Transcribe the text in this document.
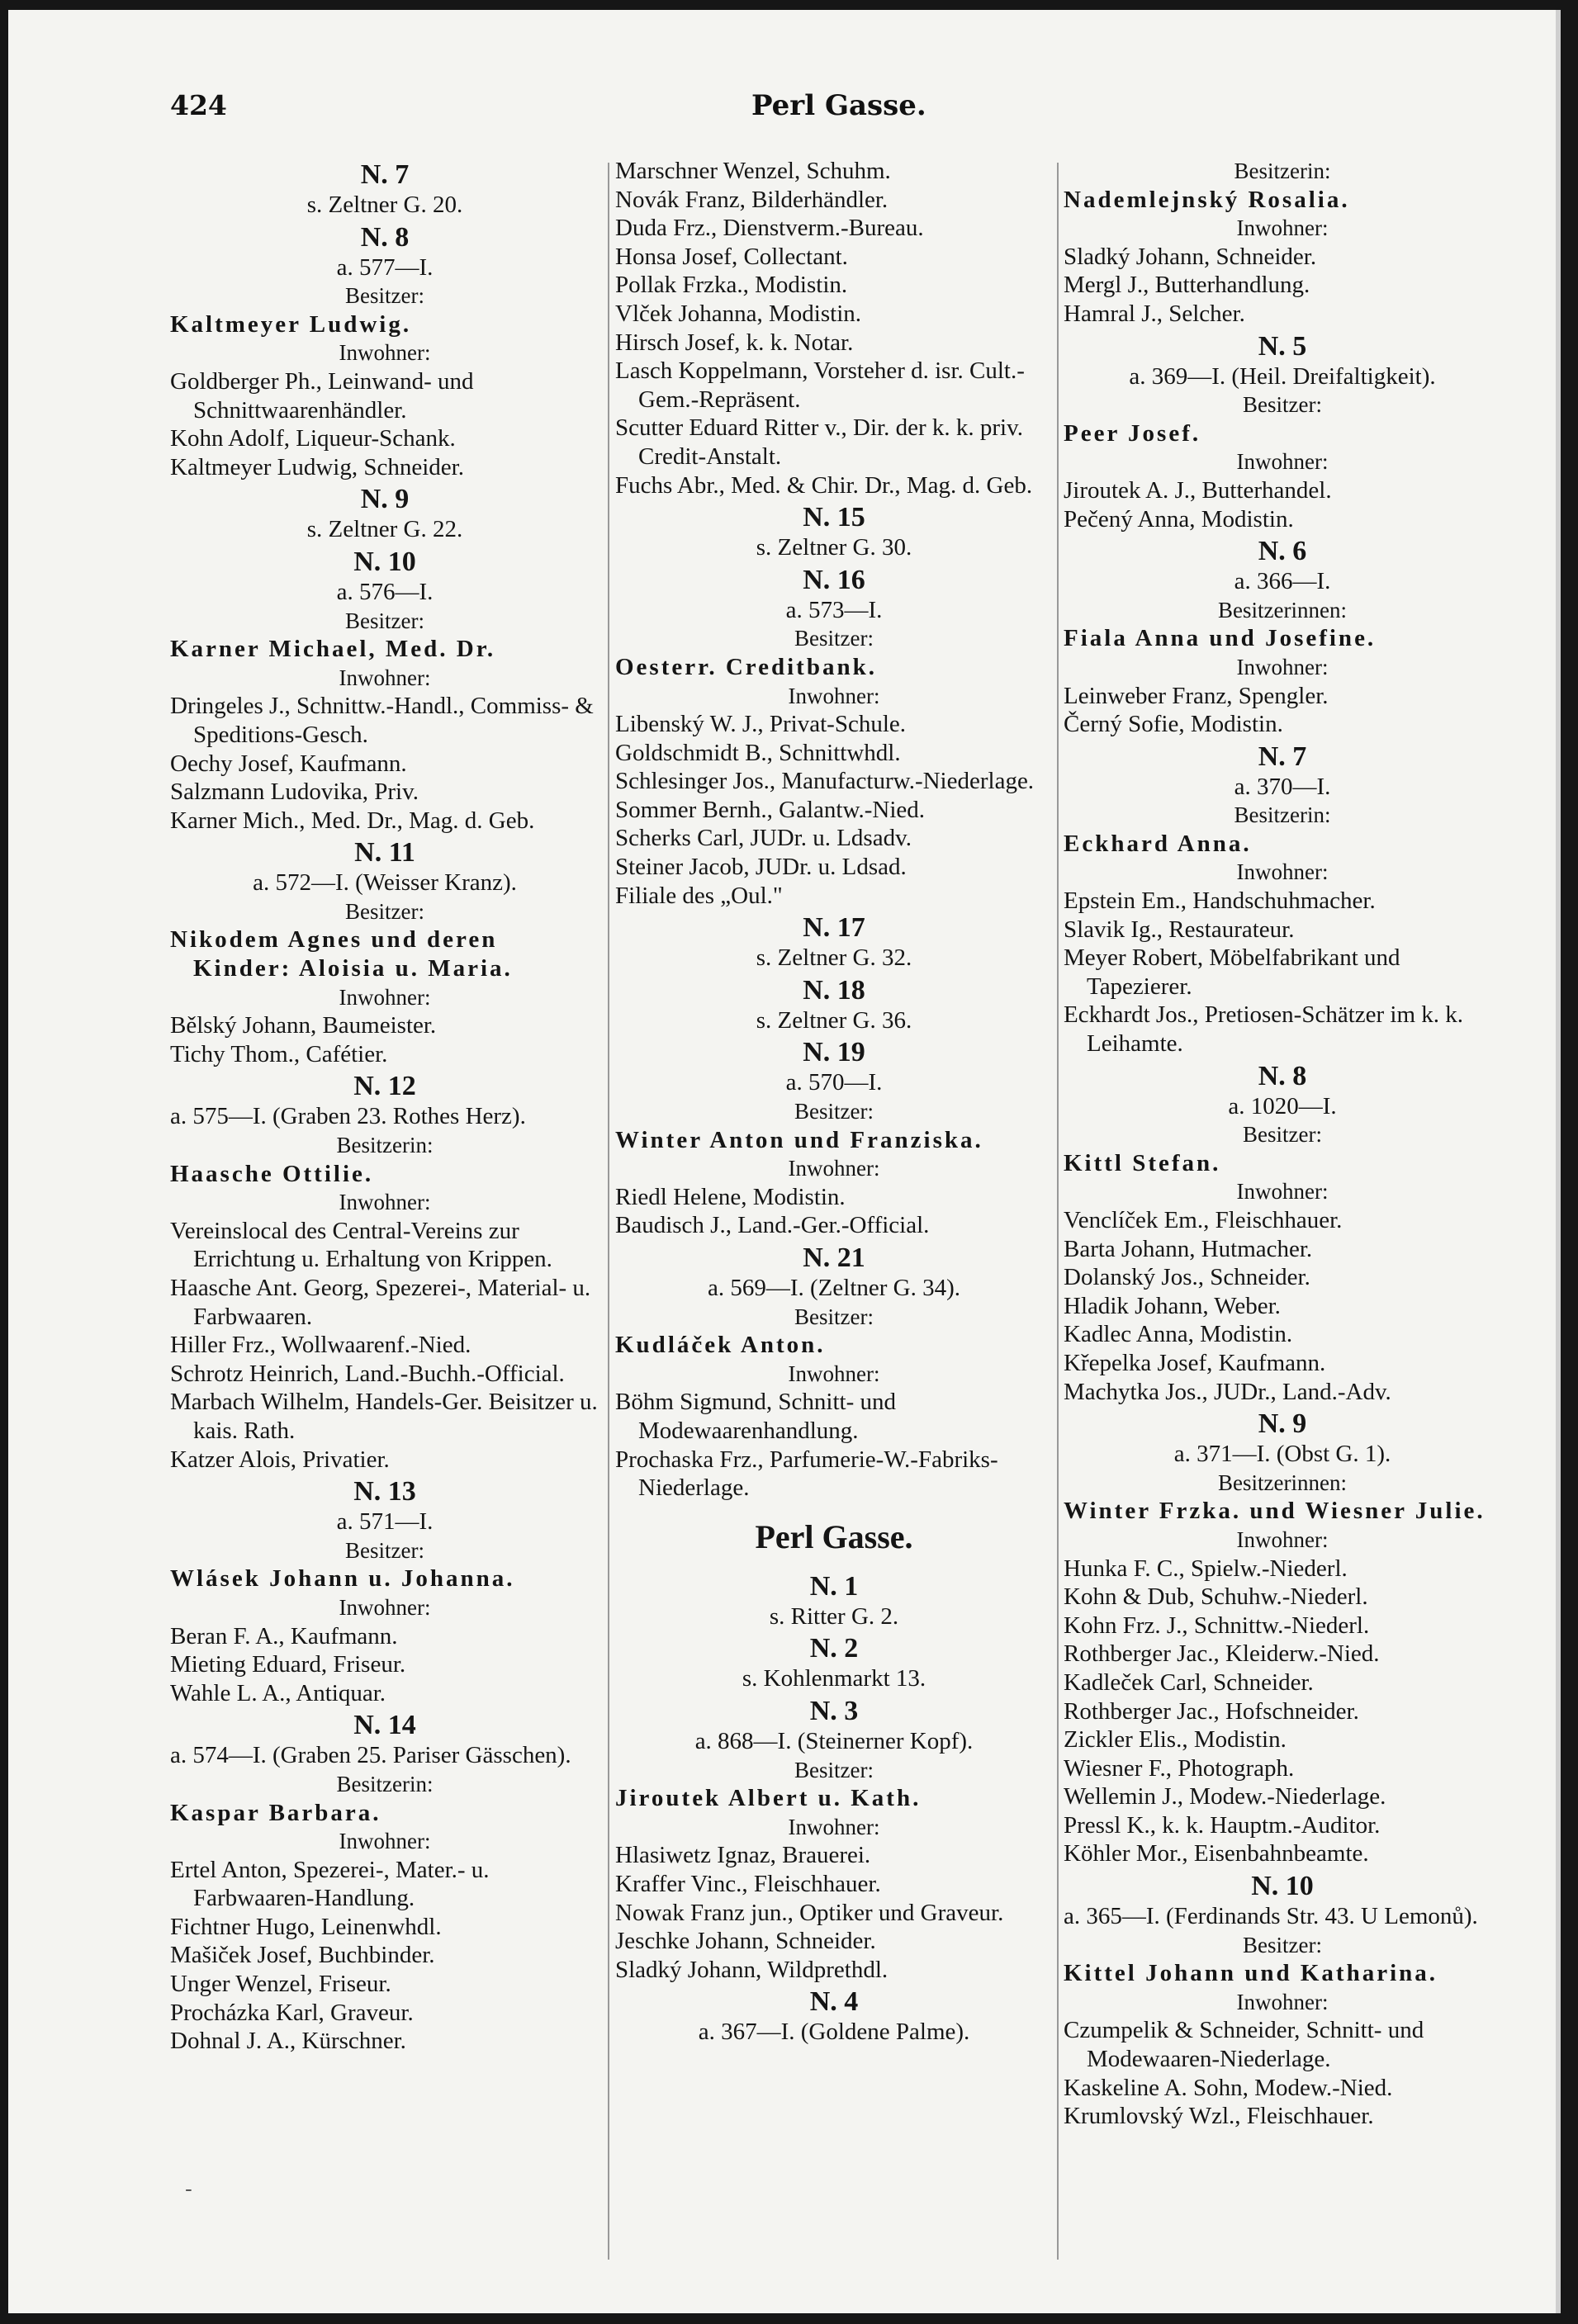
424	Perl Gasse.
N. 7
s. Zeltner G. 20.
N. 8
a. 577—I.
Besitzer:
Kaltmeyer Ludwig.
Inwohner:
Goldberger Ph., Leinwand- und Schnittwaarenhändler.
Kohn Adolf, Liqueur-Schank.
Kaltmeyer Ludwig, Schneider.
N. 9
s. Zeltner G. 22.
N. 10
a. 576—I.
Besitzer:
Karner Michael, Med. Dr.
Inwohner:
Dringeles J., Schnittw.-Handl., Commiss- & Speditions-Gesch.
Oechy Josef, Kaufmann.
Salzmann Ludovika, Priv.
Karner Mich., Med. Dr., Mag. d. Geb.
N. 11
a. 572—I. (Weisser Kranz).
Besitzer:
Nikodem Agnes und deren Kinder: Aloisia u. Maria.
Inwohner:
Bělský Johann, Baumeister.
Tichy Thom., Cafétier.
N. 12
a. 575—I. (Graben 23. Rothes Herz).
Besitzerin:
Haasche Ottilie.
Inwohner:
Vereinslocal des Central-Vereins zur Errichtung u. Erhaltung von Krippen.
Haasche Ant. Georg, Spezerei-, Material- u. Farbwaaren.
Hiller Frz., Wollwaarenf.-Nied.
Schrotz Heinrich, Land.-Buchh.-Official.
Marbach Wilhelm, Handels-Ger. Beisitzer u. kais. Rath.
Katzer Alois, Privatier.
N. 13
a. 571—I.
Besitzer:
Wlásek Johann u. Johanna.
Inwohner:
Beran F. A., Kaufmann.
Mieting Eduard, Friseur.
Wahle L. A., Antiquar.
N. 14
a. 574—I. (Graben 25. Pariser Gässchen).
Besitzerin:
Kaspar Barbara.
Inwohner:
Ertel Anton, Spezerei-, Mater.- u. Farbwaaren-Handlung.
Fichtner Hugo, Leinenwhdl.
Mašiček Josef, Buchbinder.
Unger Wenzel, Friseur.
Procházka Karl, Graveur.
Dohnal J. A., Kürschner.
Marschner Wenzel, Schuhm.
Novák Franz, Bilderhändler.
Duda Frz., Dienstverm.-Bureau.
Honsa Josef, Collectant.
Pollak Frzka., Modistin.
Vlček Johanna, Modistin.
Hirsch Josef, k. k. Notar.
Lasch Koppelmann, Vorsteher d. isr. Cult.-Gem.-Repräsent.
Scutter Eduard Ritter v., Dir. der k. k. priv. Credit-Anstalt.
Fuchs Abr., Med. & Chir. Dr., Mag. d. Geb.
N. 15
s. Zeltner G. 30.
N. 16
a. 573—I.
Besitzer:
Oesterr. Creditbank.
Inwohner:
Libenský W. J., Privat-Schule.
Goldschmidt B., Schnittwhdl.
Schlesinger Jos., Manufacturw.-Niederlage.
Sommer Bernh., Galantw.-Nied.
Scherks Carl, JUDr. u. Ldsadv.
Steiner Jacob, JUDr. u. Ldsad.
Filiale des „Oul."
N. 17
s. Zeltner G. 32.
N. 18
s. Zeltner G. 36.
N. 19
a. 570—I.
Besitzer:
Winter Anton und Franziska.
Inwohner:
Riedl Helene, Modistin.
Baudisch J., Land.-Ger.-Official.
N. 21
a. 569—I. (Zeltner G. 34).
Besitzer:
Kudláček Anton.
Inwohner:
Böhm Sigmund, Schnitt- und Modewaarenhandlung.
Prochaska Frz., Parfumerie-W.-Fabriks-Niederlage.
Perl Gasse.
N. 1
s. Ritter G. 2.
N. 2
s. Kohlenmarkt 13.
N. 3
a. 868—I. (Steinerner Kopf).
Besitzer:
Jiroutek Albert u. Kath.
Inwohner:
Hlasiwetz Ignaz, Brauerei.
Kraffer Vinc., Fleischhauer.
Nowak Franz jun., Optiker und Graveur.
Jeschke Johann, Schneider.
Sladký Johann, Wildprethdl.
N. 4
a. 367—I. (Goldene Palme).
Besitzerin:
Nademlejnský Rosalia.
Inwohner:
Sladký Johann, Schneider.
Mergl J., Butterhandlung.
Hamral J., Selcher.
N. 5
a. 369—I. (Heil. Dreifaltigkeit).
Besitzer:
Peer Josef.
Inwohner:
Jiroutek A. J., Butterhandel.
Pečený Anna, Modistin.
N. 6
a. 366—I.
Besitzerinnen:
Fiala Anna und Josefine.
Inwohner:
Leinweber Franz, Spengler.
Černý Sofie, Modistin.
N. 7
a. 370—I.
Besitzerin:
Eckhard Anna.
Inwohner:
Epstein Em., Handschuhmacher.
Slavik Ig., Restaurateur.
Meyer Robert, Möbelfabrikant und Tapezierer.
Eckhardt Jos., Pretiosen-Schätzer im k. k. Leihamte.
N. 8
a. 1020—I.
Besitzer:
Kittl Stefan.
Inwohner:
Venclíček Em., Fleischhauer.
Barta Johann, Hutmacher.
Dolanský Jos., Schneider.
Hladik Johann, Weber.
Kadlec Anna, Modistin.
Křepelka Josef, Kaufmann.
Machytka Jos., JUDr., Land.-Adv.
N. 9
a. 371—I. (Obst G. 1).
Besitzerinnen:
Winter Frzka. und Wiesner Julie.
Inwohner:
Hunka F. C., Spielw.-Niederl.
Kohn & Dub, Schuhw.-Niederl.
Kohn Frz. J., Schnittw.-Niederl.
Rothberger Jac., Kleiderw.-Nied.
Kadleček Carl, Schneider.
Rothberger Jac., Hofschneider.
Zickler Elis., Modistin.
Wiesner F., Photograph.
Wellemin J., Modew.-Niederlage.
Pressl K., k. k. Hauptm.-Auditor.
Köhler Mor., Eisenbahnbeamte.
N. 10
a. 365—I. (Ferdinands Str. 43. U Lemonů).
Besitzer:
Kittel Johann und Katharina.
Inwohner:
Czumpelik & Schneider, Schnitt- und Modewaaren-Niederlage.
Kaskeline A. Sohn, Modew.-Nied.
Krumlovský Wzl., Fleischhauer.
-
